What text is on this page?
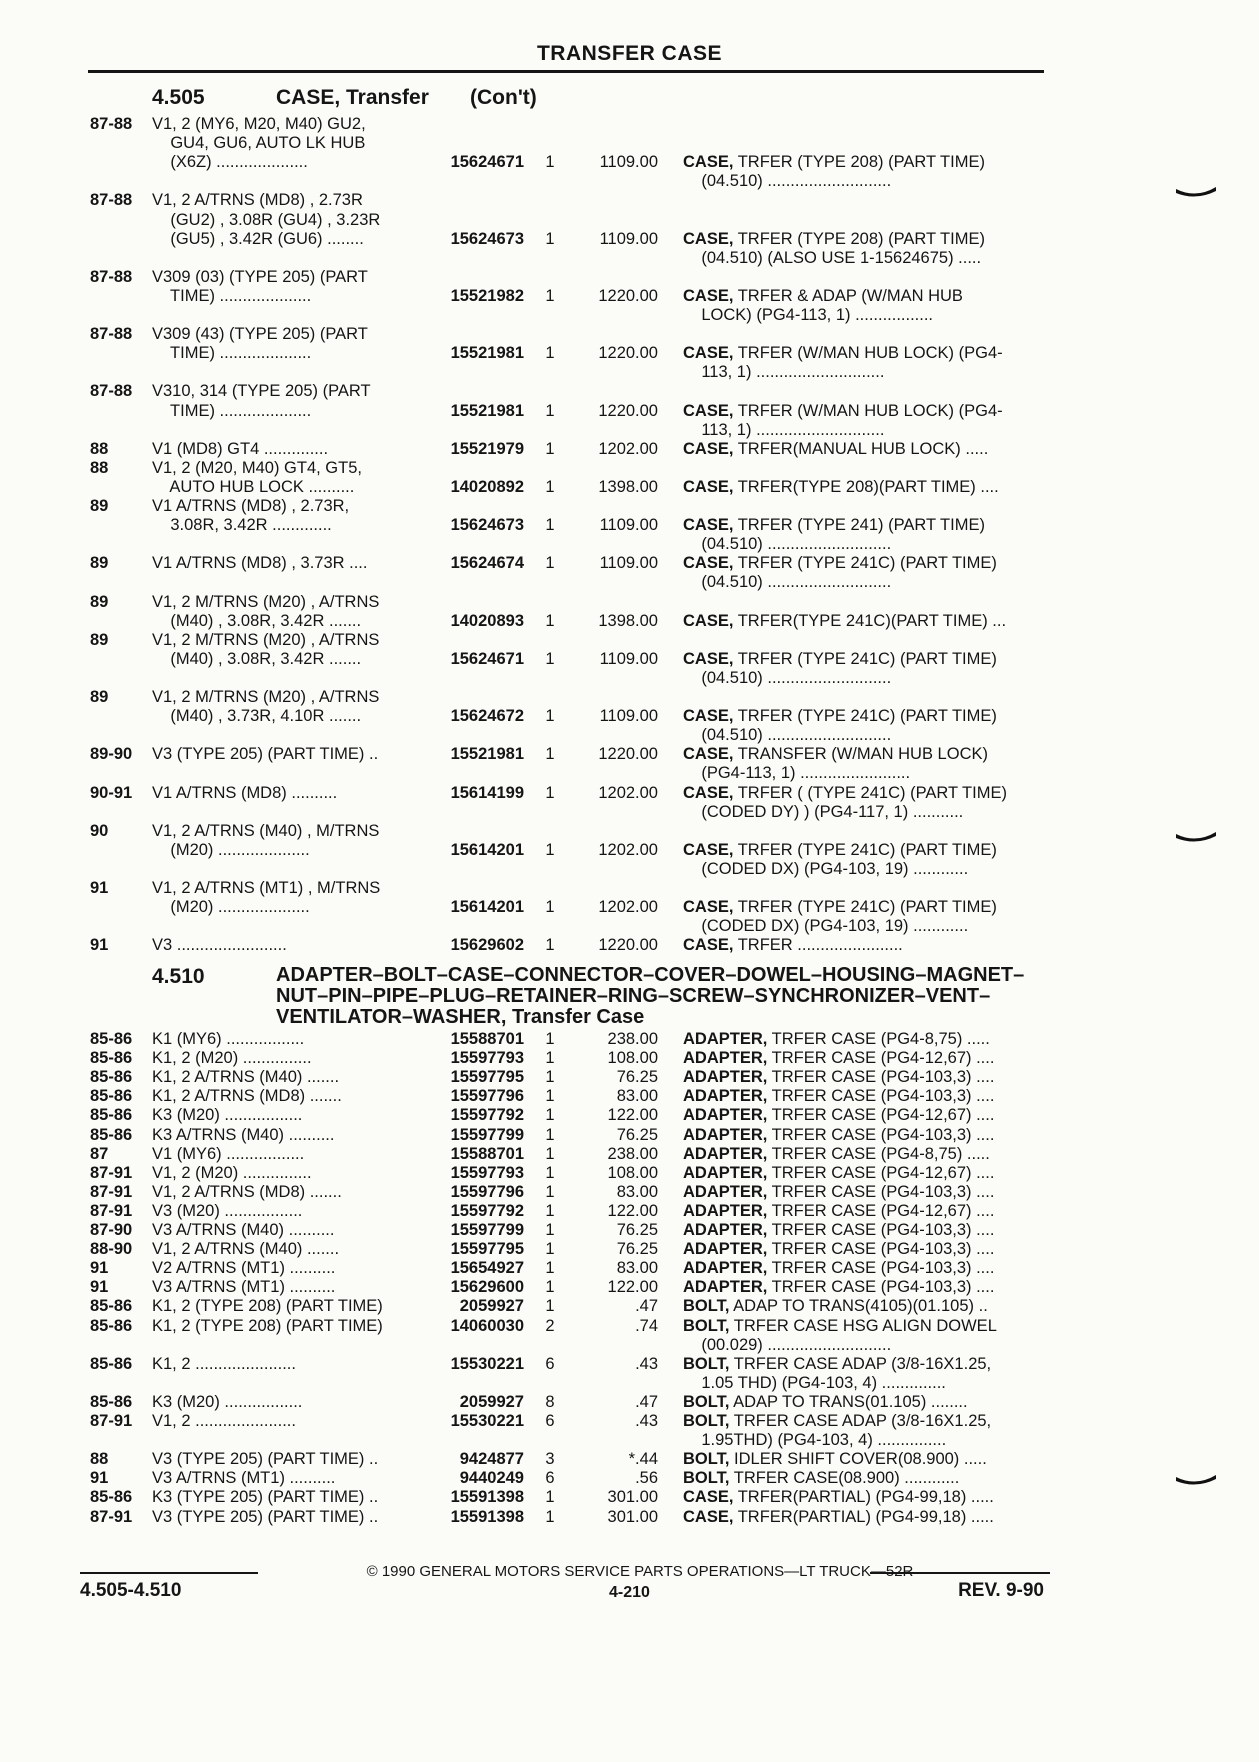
TRANSFER CASE
4.505	CASE, Transfer (Con't)
87-88 V1, 2 (MY6, M20, M40) GU2,
GU4, GU6, AUTO LK HUB
(X6Z) ....................	15624671	1	1109.00 CASE, TRFER (TYPE 208) (PART TIME)
(04.510) ...........................
87-88 V1, 2 A/TRNS (MD8) , 2.73R
(GU2) , 3.08R (GU4) , 3.23R
(GU5) , 3.42R (GU6) ........	15624673	1	1109.00 CASE, TRFER (TYPE 208) (PART TIME)
(04.510) (ALSO USE 1-15624675) .....
87-88 V309 (03) (TYPE 205) (PART
TIME) ....................	15521982	1	1220.00 CASE, TRFER & ADAP (W/MAN HUB
LOCK) (PG4-113, 1) .................
87-88 V309 (43) (TYPE 205) (PART
TIME) ....................	15521981	1	1220.00 CASE, TRFER (W/MAN HUB LOCK) (PG4-
113, 1) ............................
87-88 V310, 314 (TYPE 205) (PART
TIME) ....................	15521981	1	1220.00 CASE, TRFER (W/MAN HUB LOCK) (PG4-
113, 1) ............................
88	V1 (MD8) GT4 ..............	15521979	1	1202.00 CASE, TRFER(MANUAL HUB LOCK) .....
88	V1, 2 (M20, M40) GT4, GT5,
AUTO HUB LOCK ..........	14020892	1	1398.00 CASE, TRFER(TYPE 208)(PART TIME) ....
89	V1 A/TRNS (MD8) , 2.73R,
3.08R, 3.42R .............	15624673	1	1109.00 CASE, TRFER (TYPE 241) (PART TIME)
(04.510) ...........................
89	V1 A/TRNS (MD8) , 3.73R ....	15624674	1	1109.00 CASE, TRFER (TYPE 241C) (PART TIME)
(04.510) ...........................
89	V1, 2 M/TRNS (M20) , A/TRNS
(M40) , 3.08R, 3.42R .......	14020893	1	1398.00 CASE, TRFER(TYPE 241C)(PART TIME) ...
89	V1, 2 M/TRNS (M20) , A/TRNS
(M40) , 3.08R, 3.42R .......	15624671	1	1109.00 CASE, TRFER (TYPE 241C) (PART TIME)
(04.510) ...........................
89	V1, 2 M/TRNS (M20) , A/TRNS
(M40) , 3.73R, 4.10R .......	15624672	1	1109.00 CASE, TRFER (TYPE 241C) (PART TIME)
(04.510) ...........................
89-90 V3 (TYPE 205) (PART TIME) ..	15521981	1	1220.00 CASE, TRANSFER (W/MAN HUB LOCK)
(PG4-113, 1) ........................
90-91 V1 A/TRNS (MD8) ..........	15614199	1	1202.00 CASE, TRFER ( (TYPE 241C) (PART TIME)
(CODED DY) ) (PG4-117, 1) ...........
90	V1, 2 A/TRNS (M40) , M/TRNS
(M20) ....................	15614201	1	1202.00 CASE, TRFER (TYPE 241C) (PART TIME)
(CODED DX) (PG4-103, 19) ............
91	V1, 2 A/TRNS (MT1) , M/TRNS
(M20) ....................	15614201	1	1202.00 CASE, TRFER (TYPE 241C) (PART TIME)
(CODED DX) (PG4-103, 19) ............
91	V3 ........................	15629602	1	1220.00 CASE, TRFER .......................
4.510	ADAPTER–BOLT–CASE–CONNECTOR–COVER–DOWEL–HOUSING–MAGNET–NUT–PIN–PIPE–PLUG–RETAINER–RING–SCREW–SYNCHRONIZER–VENT–VENTILATOR–WASHER, Transfer Case
85-86 K1 (MY6) .................	15588701	1	238.00 ADAPTER, TRFER CASE (PG4-8,75) .....
85-86 K1, 2 (M20) ...............	15597793	1	108.00 ADAPTER, TRFER CASE (PG4-12,67) ....
85-86 K1, 2 A/TRNS (M40) .......	15597795	1	76.25 ADAPTER, TRFER CASE (PG4-103,3) ....
85-86 K1, 2 A/TRNS (MD8) .......	15597796	1	83.00 ADAPTER, TRFER CASE (PG4-103,3) ....
85-86 K3 (M20) .................	15597792	1	122.00 ADAPTER, TRFER CASE (PG4-12,67) ....
85-86 K3 A/TRNS (M40) ..........	15597799	1	76.25 ADAPTER, TRFER CASE (PG4-103,3) ....
87	V1 (MY6) .................	15588701	1	238.00 ADAPTER, TRFER CASE (PG4-8,75) .....
87-91 V1, 2 (M20) ...............	15597793	1	108.00 ADAPTER, TRFER CASE (PG4-12,67) ....
87-91 V1, 2 A/TRNS (MD8) .......	15597796	1	83.00 ADAPTER, TRFER CASE (PG4-103,3) ....
87-91 V3 (M20) .................	15597792	1	122.00 ADAPTER, TRFER CASE (PG4-12,67) ....
87-90 V3 A/TRNS (M40) ..........	15597799	1	76.25 ADAPTER, TRFER CASE (PG4-103,3) ....
88-90 V1, 2 A/TRNS (M40) .......	15597795	1	76.25 ADAPTER, TRFER CASE (PG4-103,3) ....
91	V2 A/TRNS (MT1) ..........	15654927	1	83.00 ADAPTER, TRFER CASE (PG4-103,3) ....
91	V3 A/TRNS (MT1) ..........	15629600	1	122.00 ADAPTER, TRFER CASE (PG4-103,3) ....
85-86 K1, 2 (TYPE 208) (PART TIME)	2059927	1	.47 BOLT, ADAP TO TRANS(4105)(01.105) ..
85-86 K1, 2 (TYPE 208) (PART TIME)	14060030	2	.74 BOLT, TRFER CASE HSG ALIGN DOWEL
(00.029) ...........................
85-86 K1, 2 ......................	15530221	6	.43 BOLT, TRFER CASE ADAP (3/8-16X1.25,
1.05 THD) (PG4-103, 4) ..............
85-86 K3 (M20) .................	2059927	8	.47 BOLT, ADAP TO TRANS(01.105) ........
87-91 V1, 2 ......................	15530221	6	.43 BOLT, TRFER CASE ADAP (3/8-16X1.25,
1.95THD) (PG4-103, 4) ...............
88	V3 (TYPE 205) (PART TIME) ..	9424877	3	*.44 BOLT, IDLER SHIFT COVER(08.900) .....
91	V3 A/TRNS (MT1) ..........	9440249	6	.56 BOLT, TRFER CASE(08.900) ............
85-86 K3 (TYPE 205) (PART TIME) ..	15591398	1	301.00 CASE, TRFER(PARTIAL) (PG4-99,18) .....
87-91 V3 (TYPE 205) (PART TIME) ..	15591398	1	301.00 CASE, TRFER(PARTIAL) (PG4-99,18) .....
© 1990 GENERAL MOTORS SERVICE PARTS OPERATIONS—LT TRUCK—52R
4.505-4.510	4-210	REV. 9-90
